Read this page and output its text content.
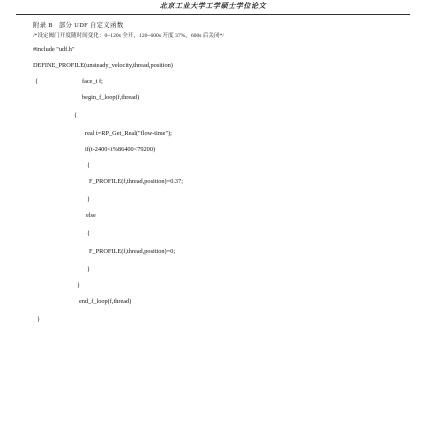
北京工业大学工学硕士学位论文
附录 B   部分 UDF 自定义函数
/*设定阀门开度随时间变化：0~120s 全开，120~600s 开度 37%，600s 后关闭*/
#include "udf.h"
DEFINE_PROFILE(unsteady_velocity,thread,position)
{	face_t f;
begin_f_loop(f,thread)
{
real t=RP_Get_Real("flow-time");
if(t-2400<t%86400<79200)
{
F_PROFILE(f,thread,position)=0.37;
}
else
{
F_PROFILE(f,thread,position)=0;
}
}
end_f_loop(f,thread)
}
